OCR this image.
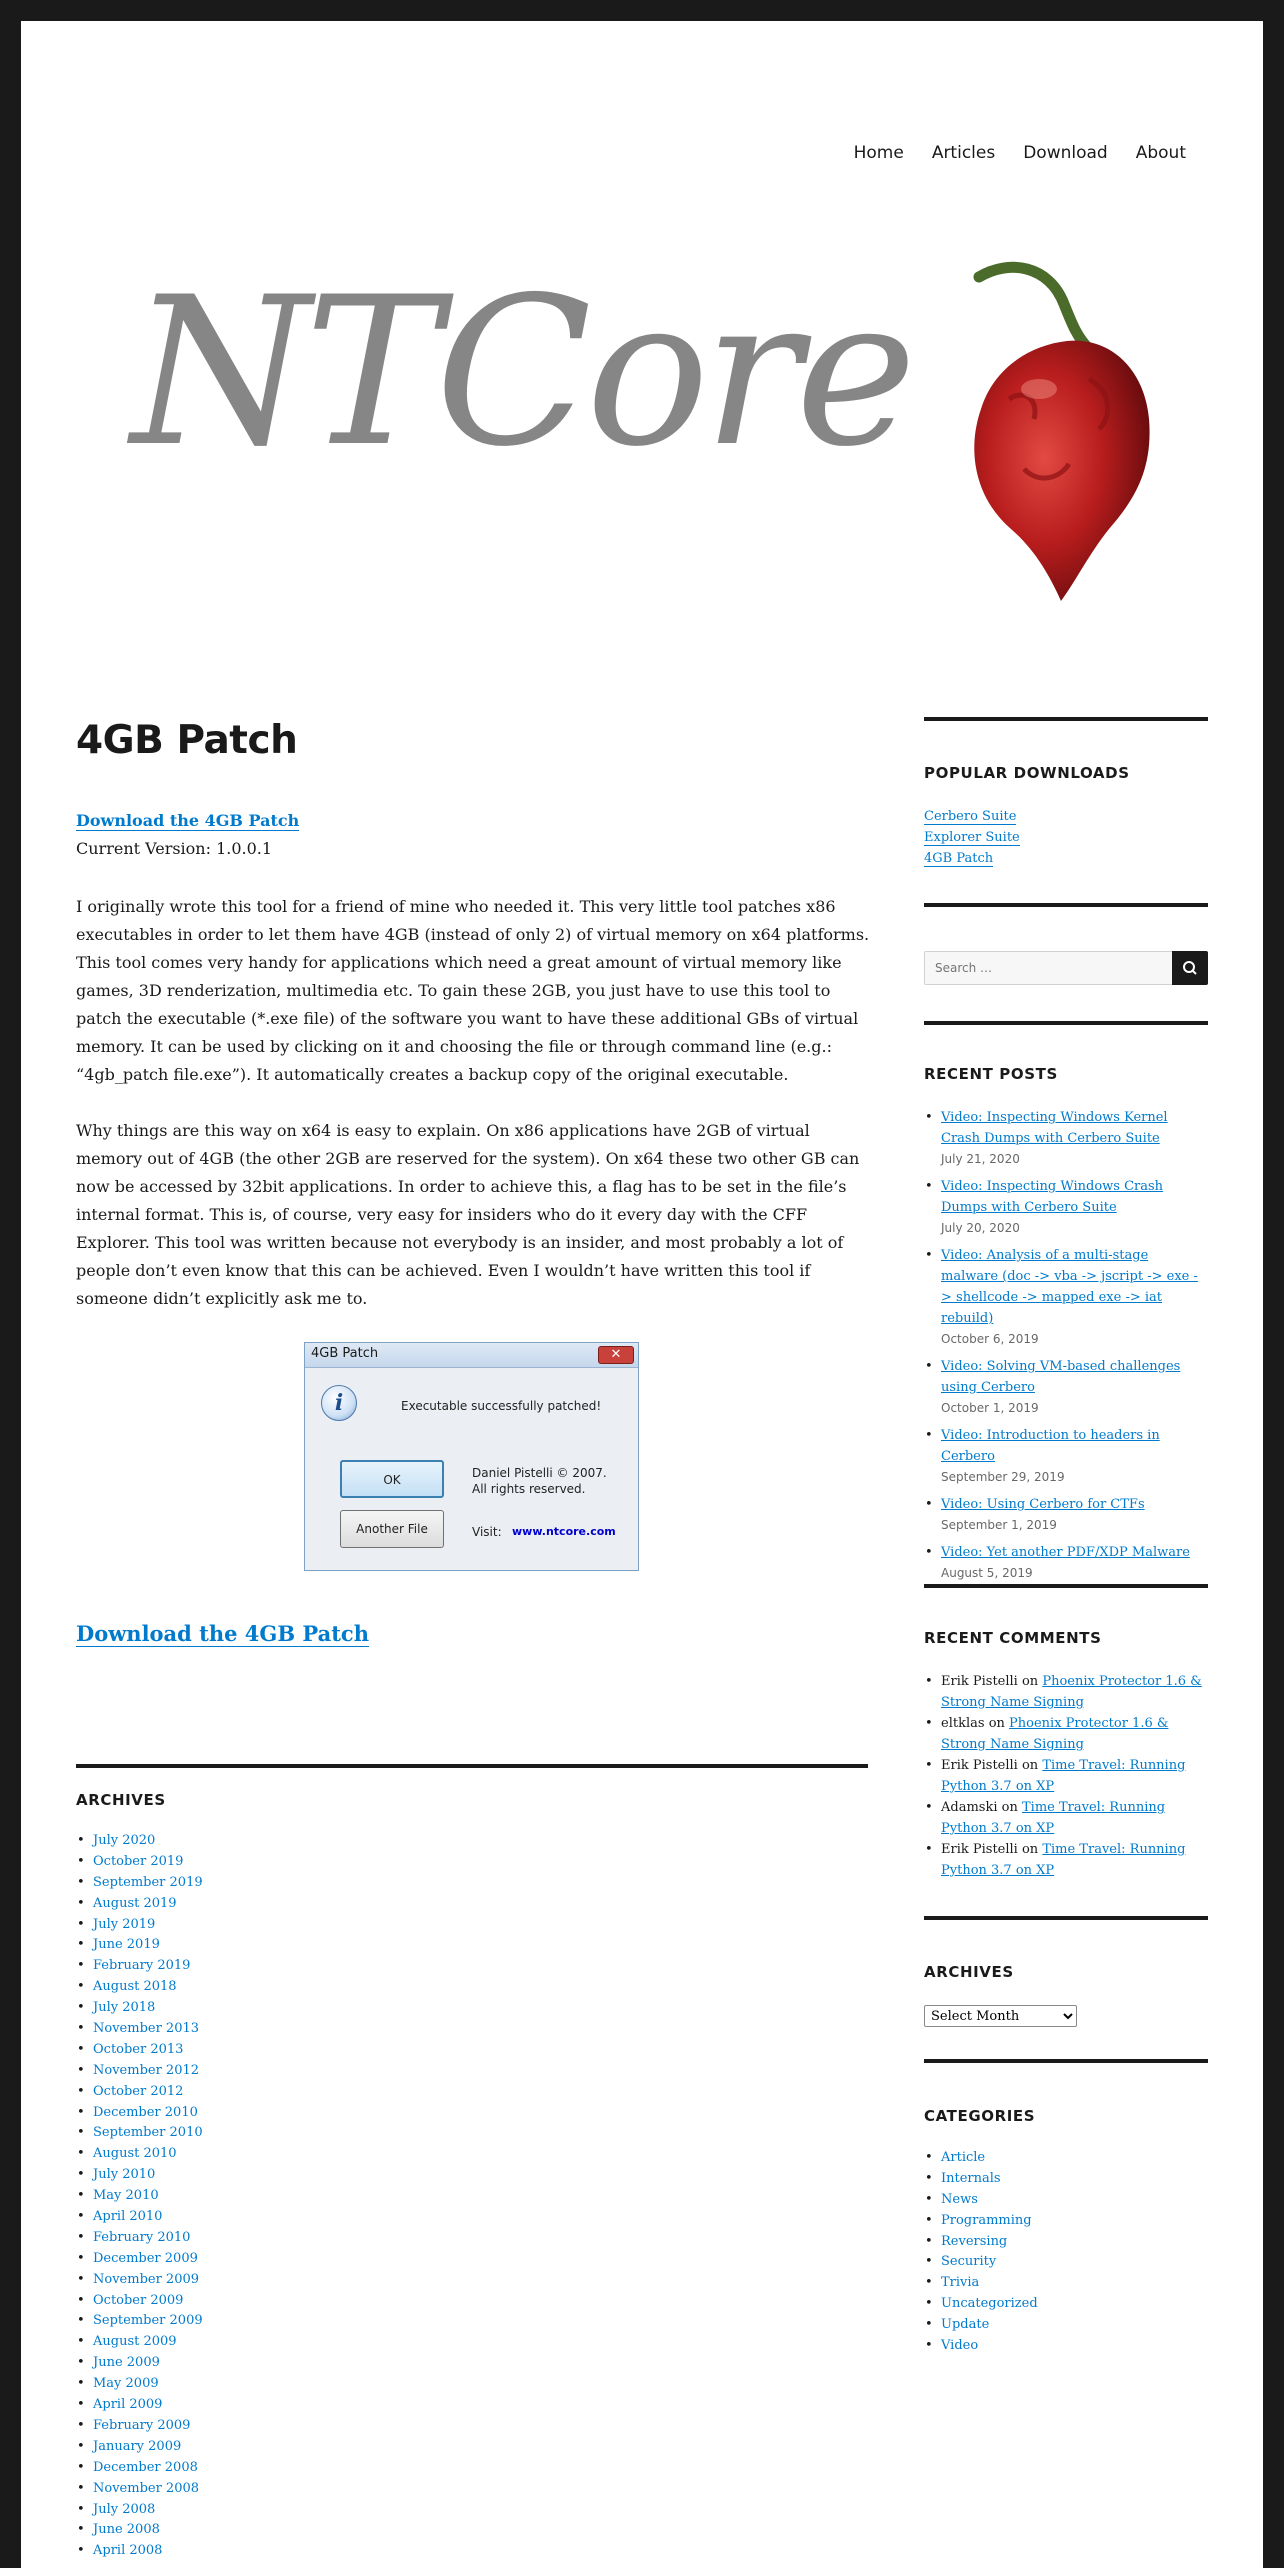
Home Articles Download About
NTCore
4GB Patch
Download the 4GB Patch
Current Version: 1.0.0.1

I originally wrote this tool for a friend of mine who needed it. This very little tool patches x86 executables in order to let them have 4GB (instead of only 2) of virtual memory on x64 platforms. This tool comes very handy for applications which need a great amount of virtual memory like games, 3D renderization, multimedia etc. To gain these 2GB, you just have to use this tool to patch the executable (*.exe file) of the software you want to have these additional GBs of virtual memory. It can be used by clicking on it and choosing the file or through command line (e.g.: “4gb_patch file.exe”). It automatically creates a backup copy of the original executable.

Why things are this way on x64 is easy to explain. On x86 applications have 2GB of virtual memory out of 4GB (the other 2GB are reserved for the system). On x64 these two other GB can now be accessed by 32bit applications. In order to achieve this, a flag has to be set in the file’s internal format. This is, of course, very easy for insiders who do it every day with the CFF Explorer. This tool was written because not everybody is an insider, and most probably a lot of people don’t even know that this can be achieved. Even I wouldn’t have written this tool if someone didn’t explicitly ask me to.

4GB Patch	✕
i	Executable successfully patched!
OK
Another File
Daniel Pistelli © 2007.
All rights reserved.
Visit: www.ntcore.com
Download the 4GB Patch
ARCHIVES
• July 2020
• October 2019
• September 2019
• August 2019
• July 2019
• June 2019
• February 2019
• August 2018
• July 2018
• November 2013
• October 2013
• November 2012
• October 2012
• December 2010
• September 2010
• August 2010
• July 2010
• May 2010
• April 2010
• February 2010
• December 2009
• November 2009
• October 2009
• September 2009
• August 2009
• June 2009
• May 2009
• April 2009
• February 2009
• January 2009
• December 2008
• November 2008
• July 2008
• June 2008
• April 2008
POPULAR DOWNLOADS
Cerbero Suite
Explorer Suite
4GB Patch
Search …
RECENT POSTS
• Video: Inspecting Windows Kernel Crash Dumps with Cerbero Suite
July 21, 2020
• Video: Inspecting Windows Crash Dumps with Cerbero Suite
July 20, 2020
• Video: Analysis of a multi-stage malware (doc -> vba -> jscript -> exe -> shellcode -> mapped exe -> iat rebuild)
October 6, 2019
• Video: Solving VM-based challenges using Cerbero
October 1, 2019
• Video: Introduction to headers in Cerbero
September 29, 2019
• Video: Using Cerbero for CTFs
September 1, 2019
• Video: Yet another PDF/XDP Malware
August 5, 2019
RECENT COMMENTS
• Erik Pistelli on Phoenix Protector 1.6 & Strong Name Signing
• eltklas on Phoenix Protector 1.6 & Strong Name Signing
• Erik Pistelli on Time Travel: Running Python 3.7 on XP
• Adamski on Time Travel: Running Python 3.7 on XP
• Erik Pistelli on Time Travel: Running Python 3.7 on XP
ARCHIVES
Select Month
CATEGORIES
• Article
• Internals
• News
• Programming
• Reversing
• Security
• Trivia
• Uncategorized
• Update
• Video
